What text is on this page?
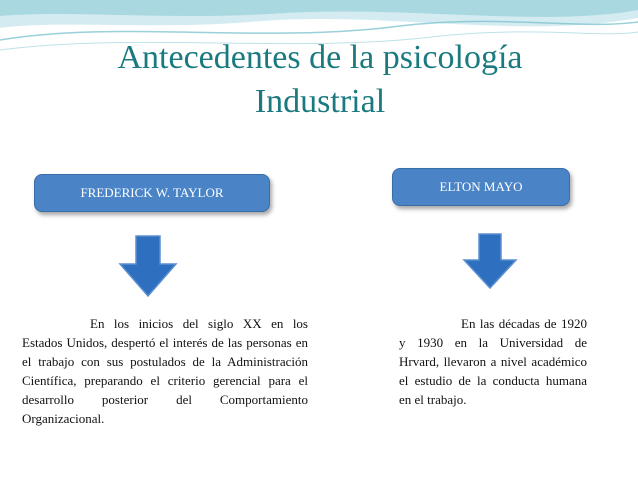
Antecedentes de la psicología
Industrial
FREDERICK W. TAYLOR	ELTON MAYO
En los inicios del siglo XX en los Estados Unidos, despertó el interés de las personas en el trabajo con sus postulados de la Administración Científica, preparando el criterio gerencial para el desarrollo posterior del Comportamiento Organizacional.
En las décadas de 1920 y 1930 en la Universidad de Hrvard, llevaron a nivel académico el estudio de la conducta humana en el trabajo.
